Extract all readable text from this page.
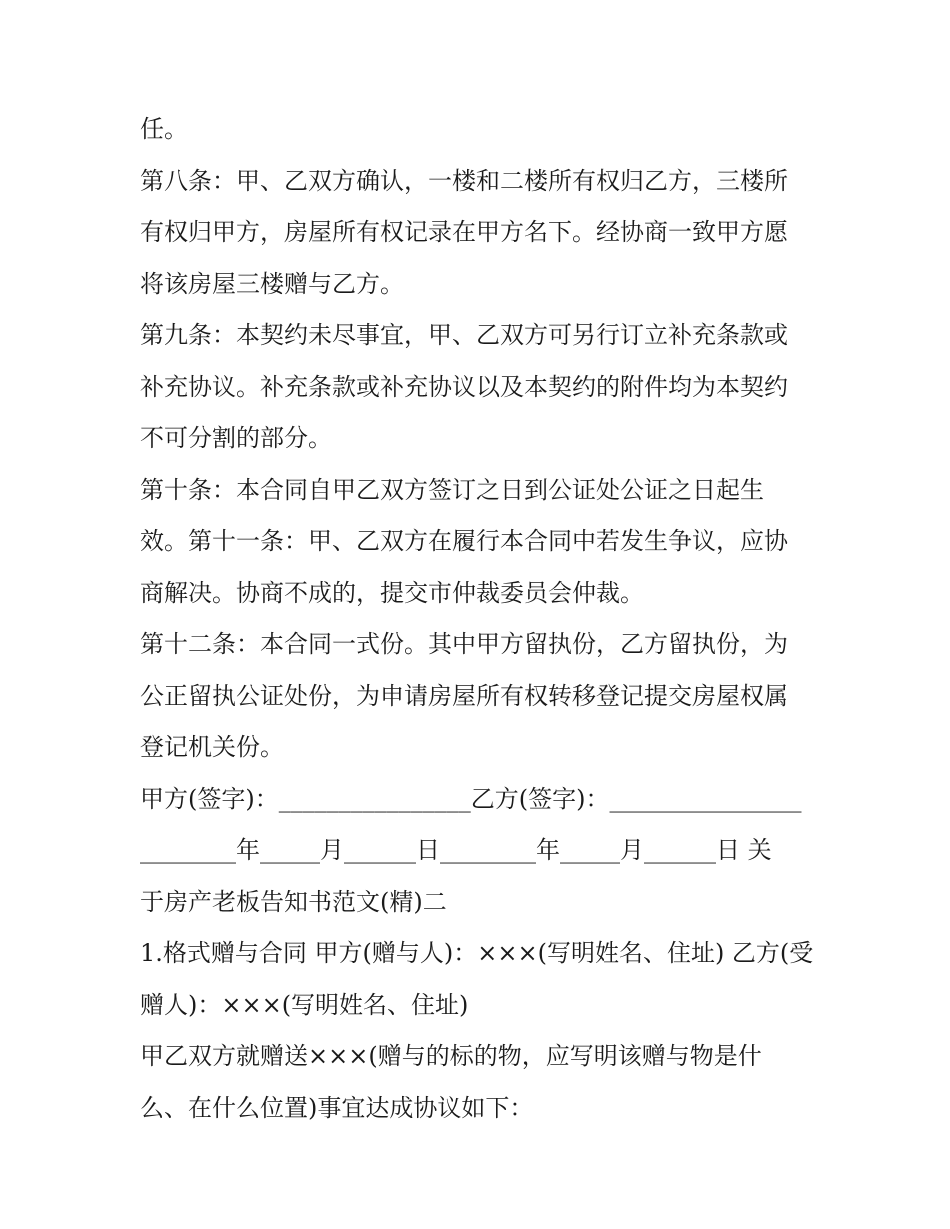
任。
第八条：甲、乙双方确认，一楼和二楼所有权归乙方，三楼所
有权归甲方，房屋所有权记录在甲方名下。经协商一致甲方愿
将该房屋三楼赠与乙方。
第九条：本契约未尽事宜，甲、乙双方可另行订立补充条款或
补充协议。补充条款或补充协议以及本契约的附件均为本契约
不可分割的部分。
第十条：本合同自甲乙双方签订之日到公证处公证之日起生
效。第十一条：甲、乙双方在履行本合同中若发生争议，应协
商解决。协商不成的，提交市仲裁委员会仲裁。
第十二条：本合同一式份。其中甲方留执份，乙方留执份，为
公正留执公证处份，为申请房屋所有权转移登记提交房屋权属
登记机关份。
甲方(签字)：________________乙方(签字)：________________
________年_____月______日________年_____月______日 关
于房产老板告知书范文(精)二
1.格式赠与合同 甲方(赠与人)：×××(写明姓名、住址) 乙方(受
赠人)：×××(写明姓名、住址)
甲乙双方就赠送×××(赠与的标的物，应写明该赠与物是什
么、在什么位置)事宜达成协议如下：
